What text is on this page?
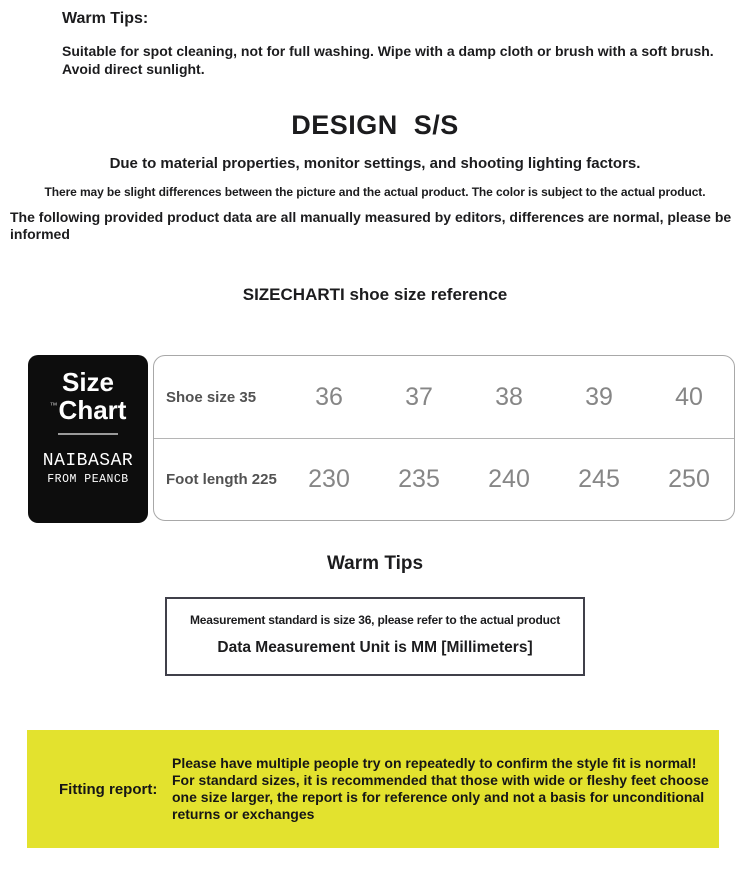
Warm Tips:

Suitable for spot cleaning, not for full washing. Wipe with a damp cloth or brush with a soft brush. Avoid direct sunlight.

DESIGN  S/S

Due to material properties, monitor settings, and shooting lighting factors.

There may be slight differences between the picture and the actual product. The color is subject to the actual product.

The following provided product data are all manually measured by editors, differences are normal, please be informed

SIZECHARTI shoe size reference
Size
™Chart
NAIBASAR
FROM PEANCB
Shoe size 35	36	37	38	39	40
Foot length 225	230	235	240	245	250
Warm Tips
Measurement standard is size 36, please refer to the actual product
Data Measurement Unit is MM [Millimeters]
Fitting report:

Please have multiple people try on repeatedly to confirm the style fit is normal! For standard sizes, it is recommended that those with wide or fleshy feet choose one size larger, the report is for reference only and not a basis for unconditional returns or exchanges
